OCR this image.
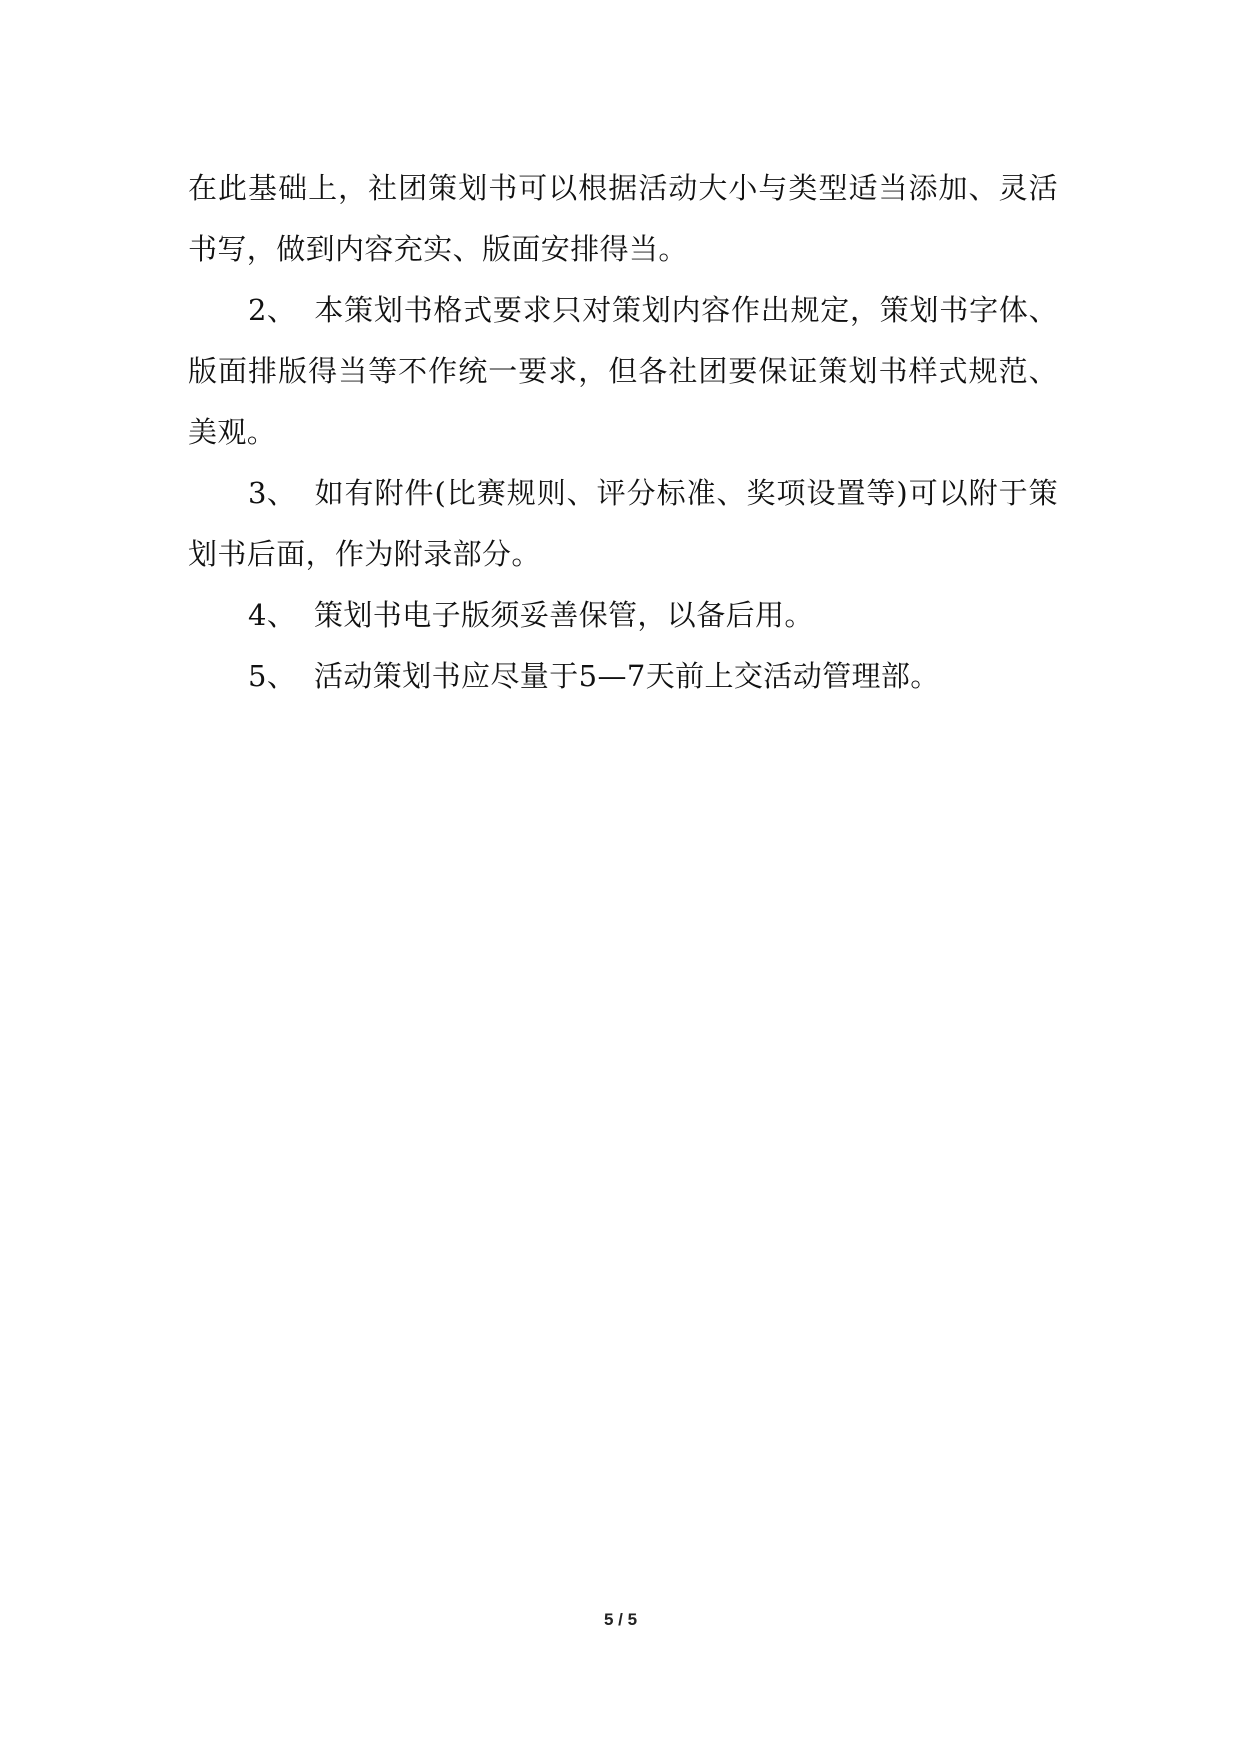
在此基础上，社团策划书可以根据活动大小与类型适当添加、灵活书写，做到内容充实、版面安排得当。

2、 本策划书格式要求只对策划内容作出规定，策划书字体、版面排版得当等不作统一要求，但各社团要保证策划书样式规范、美观。

3、 如有附件(比赛规则、评分标准、奖项设置等)可以附于策划书后面，作为附录部分。

4、 策划书电子版须妥善保管，以备后用。

5、 活动策划书应尽量于5—7天前上交活动管理部。

5 / 5
